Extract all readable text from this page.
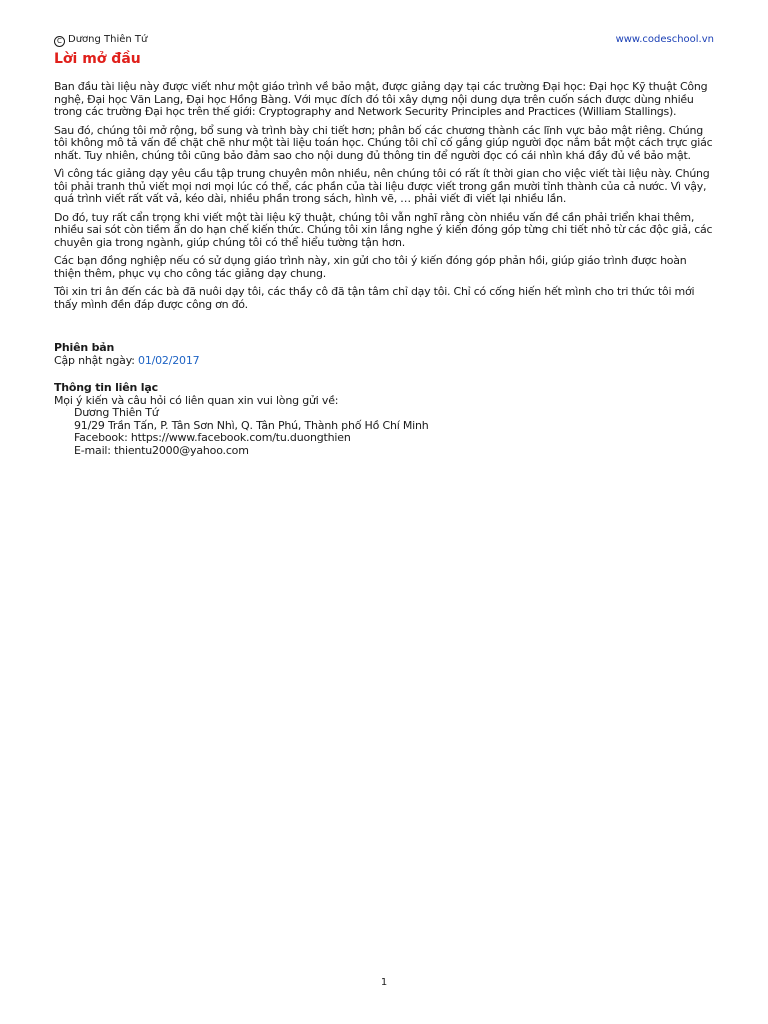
C Dương Thiên Tứ	www.codeschool.vn
Lời mở đầu

Ban đầu tài liệu này được viết như một giáo trình về bảo mật, được giảng dạy tại các trường Đại học: Đại học Kỹ thuật Công nghệ, Đại học Văn Lang, Đại học Hồng Bàng. Với mục đích đó tôi xây dựng nội dung dựa trên cuốn sách được dùng nhiều trong các trường Đại học trên thế giới: Cryptography and Network Security Principles and Practices (William Stallings).

Sau đó, chúng tôi mở rộng, bổ sung và trình bày chi tiết hơn; phân bố các chương thành các lĩnh vực bảo mật riêng. Chúng tôi không mô tả vấn đề chặt chẽ như một tài liệu toán học. Chúng tôi chỉ cố gắng giúp người đọc nắm bắt một cách trực giác nhất. Tuy nhiên, chúng tôi cũng bảo đảm sao cho nội dung đủ thông tin để người đọc có cái nhìn khá đầy đủ về bảo mật.

Vì công tác giảng dạy yêu cầu tập trung chuyên môn nhiều, nên chúng tôi có rất ít thời gian cho việc viết tài liệu này. Chúng tôi phải tranh thủ viết mọi nơi mọi lúc có thể, các phần của tài liệu được viết trong gần mười tỉnh thành của cả nước. Vì vậy, quá trình viết rất vất vả, kéo dài, nhiều phần trong sách, hình vẽ, … phải viết đi viết lại nhiều lần.

Do đó, tuy rất cẩn trọng khi viết một tài liệu kỹ thuật, chúng tôi vẫn nghĩ rằng còn nhiều vấn đề cần phải triển khai thêm, nhiều sai sót còn tiềm ẩn do hạn chế kiến thức. Chúng tôi xin lắng nghe ý kiến đóng góp từng chi tiết nhỏ từ các độc giả, các chuyên gia trong ngành, giúp chúng tôi có thể hiểu tường tận hơn.

Các bạn đồng nghiệp nếu có sử dụng giáo trình này, xin gửi cho tôi ý kiến đóng góp phản hồi, giúp giáo trình được hoàn thiện thêm, phục vụ cho công tác giảng dạy chung.

Tôi xin tri ân đến các bà đã nuôi dạy tôi, các thầy cô đã tận tâm chỉ dạy tôi. Chỉ có cống hiến hết mình cho tri thức tôi mới thấy mình đền đáp được công ơn đó.

Phiên bản
Cập nhật ngày: 01/02/2017
Thông tin liên lạc
Mọi ý kiến và câu hỏi có liên quan xin vui lòng gửi về:
Dương Thiên Tứ
91/29 Trần Tấn, P. Tân Sơn Nhì, Q. Tân Phú, Thành phố Hồ Chí Minh
Facebook: https://www.facebook.com/tu.duongthien
E-mail: thientu2000@yahoo.com
1
